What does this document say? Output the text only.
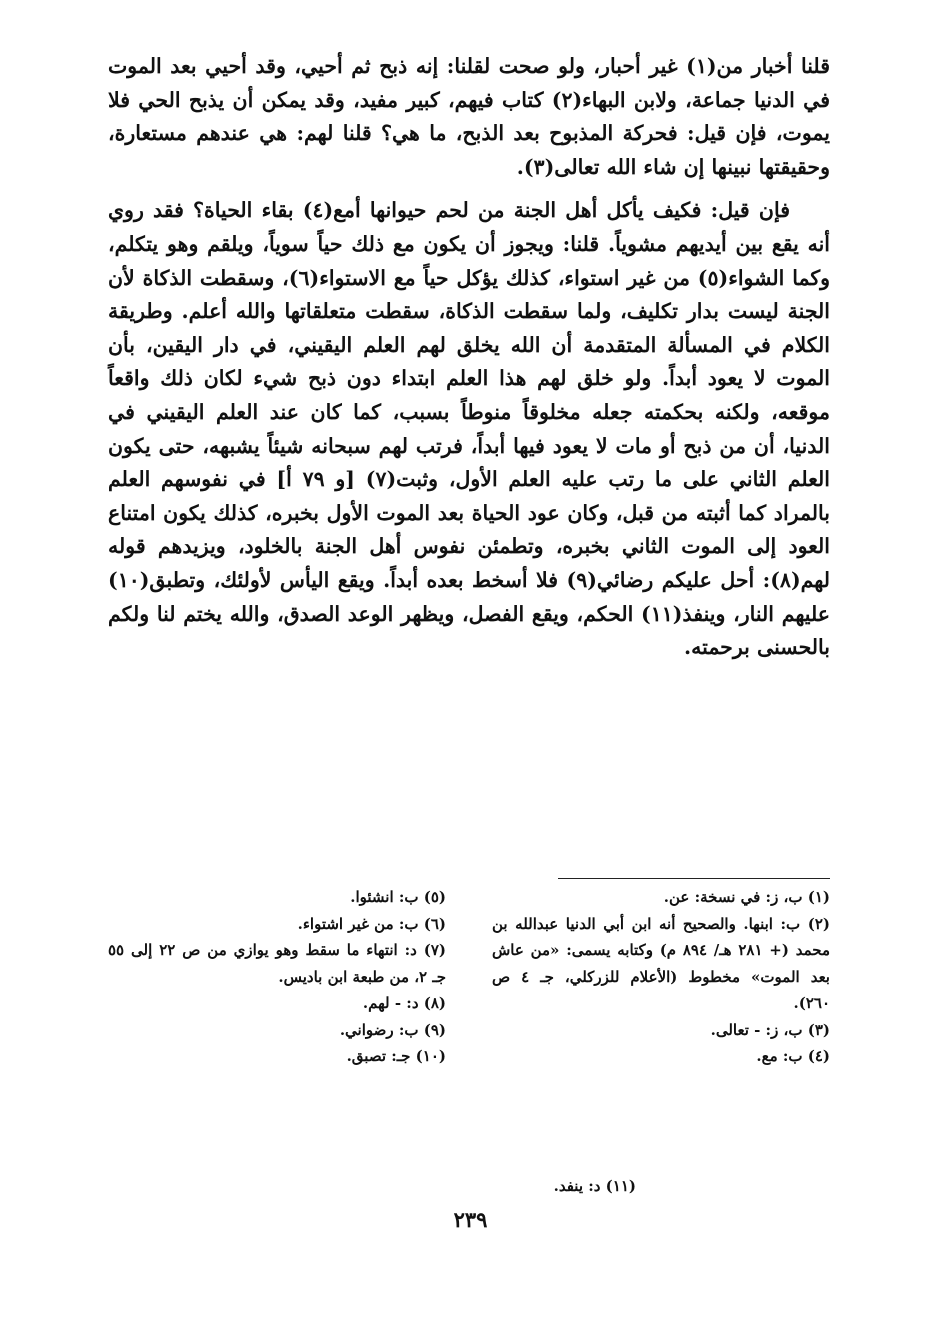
قلنا أخبار من(١) غير أحبار، ولو صحت لقلنا: إنه ذبح ثم أحيي، وقد أحيي بعد الموت في الدنيا جماعة، ولابن البهاء(٢) كتاب فيهم، كبير مفيد، وقد يمكن أن يذبح الحي فلا يموت، فإن قيل: فحركة المذبوح بعد الذبح، ما هي؟ قلنا لهم: هي عندهم مستعارة، وحقيقتها نبينها إن شاء الله تعالى(٣).

فإن قيل: فكيف يأكل أهل الجنة من لحم حيوانها أمع(٤) بقاء الحياة؟ فقد روي أنه يقع بين أيديهم مشوياً. قلنا: ويجوز أن يكون مع ذلك حياً سوياً، ويلقم وهو يتكلم، وكما الشواء(٥) من غير استواء، كذلك يؤكل حياً مع الاستواء(٦)، وسقطت الذكاة لأن الجنة ليست بدار تكليف، ولما سقطت الذكاة، سقطت متعلقاتها والله أعلم. وطريقة الكلام في المسألة المتقدمة أن الله يخلق لهم العلم اليقيني، في دار اليقين، بأن الموت لا يعود أبداً. ولو خلق لهم هذا العلم ابتداء دون ذبح شيء لكان ذلك واقعاً موقعه، ولكنه بحكمته جعله مخلوقاً منوطاً بسبب، كما كان عند العلم اليقيني في الدنيا، أن من ذبح أو مات لا يعود فيها أبداً، فرتب لهم سبحانه شيئاً يشبهه، حتى يكون العلم الثاني على ما رتب عليه العلم الأول، وثبت(٧) [و ٧٩ أ] في نفوسهم العلم بالمراد كما أثبته من قبل، وكان عود الحياة بعد الموت الأول بخبره، كذلك يكون امتناع العود إلى الموت الثاني بخبره، وتطمئن نفوس أهل الجنة بالخلود، ويزيدهم قوله لهم(٨): أحل عليكم رضائي(٩) فلا أسخط بعده أبداً. ويقع اليأس لأولئك، وتطبق(١٠) عليهم النار، وينفذ(١١) الحكم، ويقع الفصل، ويظهر الوعد الصدق، والله يختم لنا ولكم بالحسنى برحمته.

(١) ب، ز: في نسخة: عن.

(٢) ب: ابنها. والصحيح أنه ابن أبي الدنيا عبدالله بن محمد (+ ٢٨١ هـ/ ٨٩٤ م) وكتابه يسمى: «من عاش بعد الموت» مخطوط (الأعلام للزركلي، جـ ٤ ص ٢٦٠).

(٣) ب، ز: - تعالى.

(٤) ب: مع.

(٥) ب: انشئوا.

(٦) ب: من غير اشتواء.

(٧) د: انتهاء ما سقط وهو يوازي من ص ٢٢ إلى ٥٥ جـ ٢، من طبعة ابن باديس.

(٨) د: - لهم.

(٩) ب: رضواني.

(١٠) جـ: تصبق.

(١١) د: ينفد.

٢٣٩
